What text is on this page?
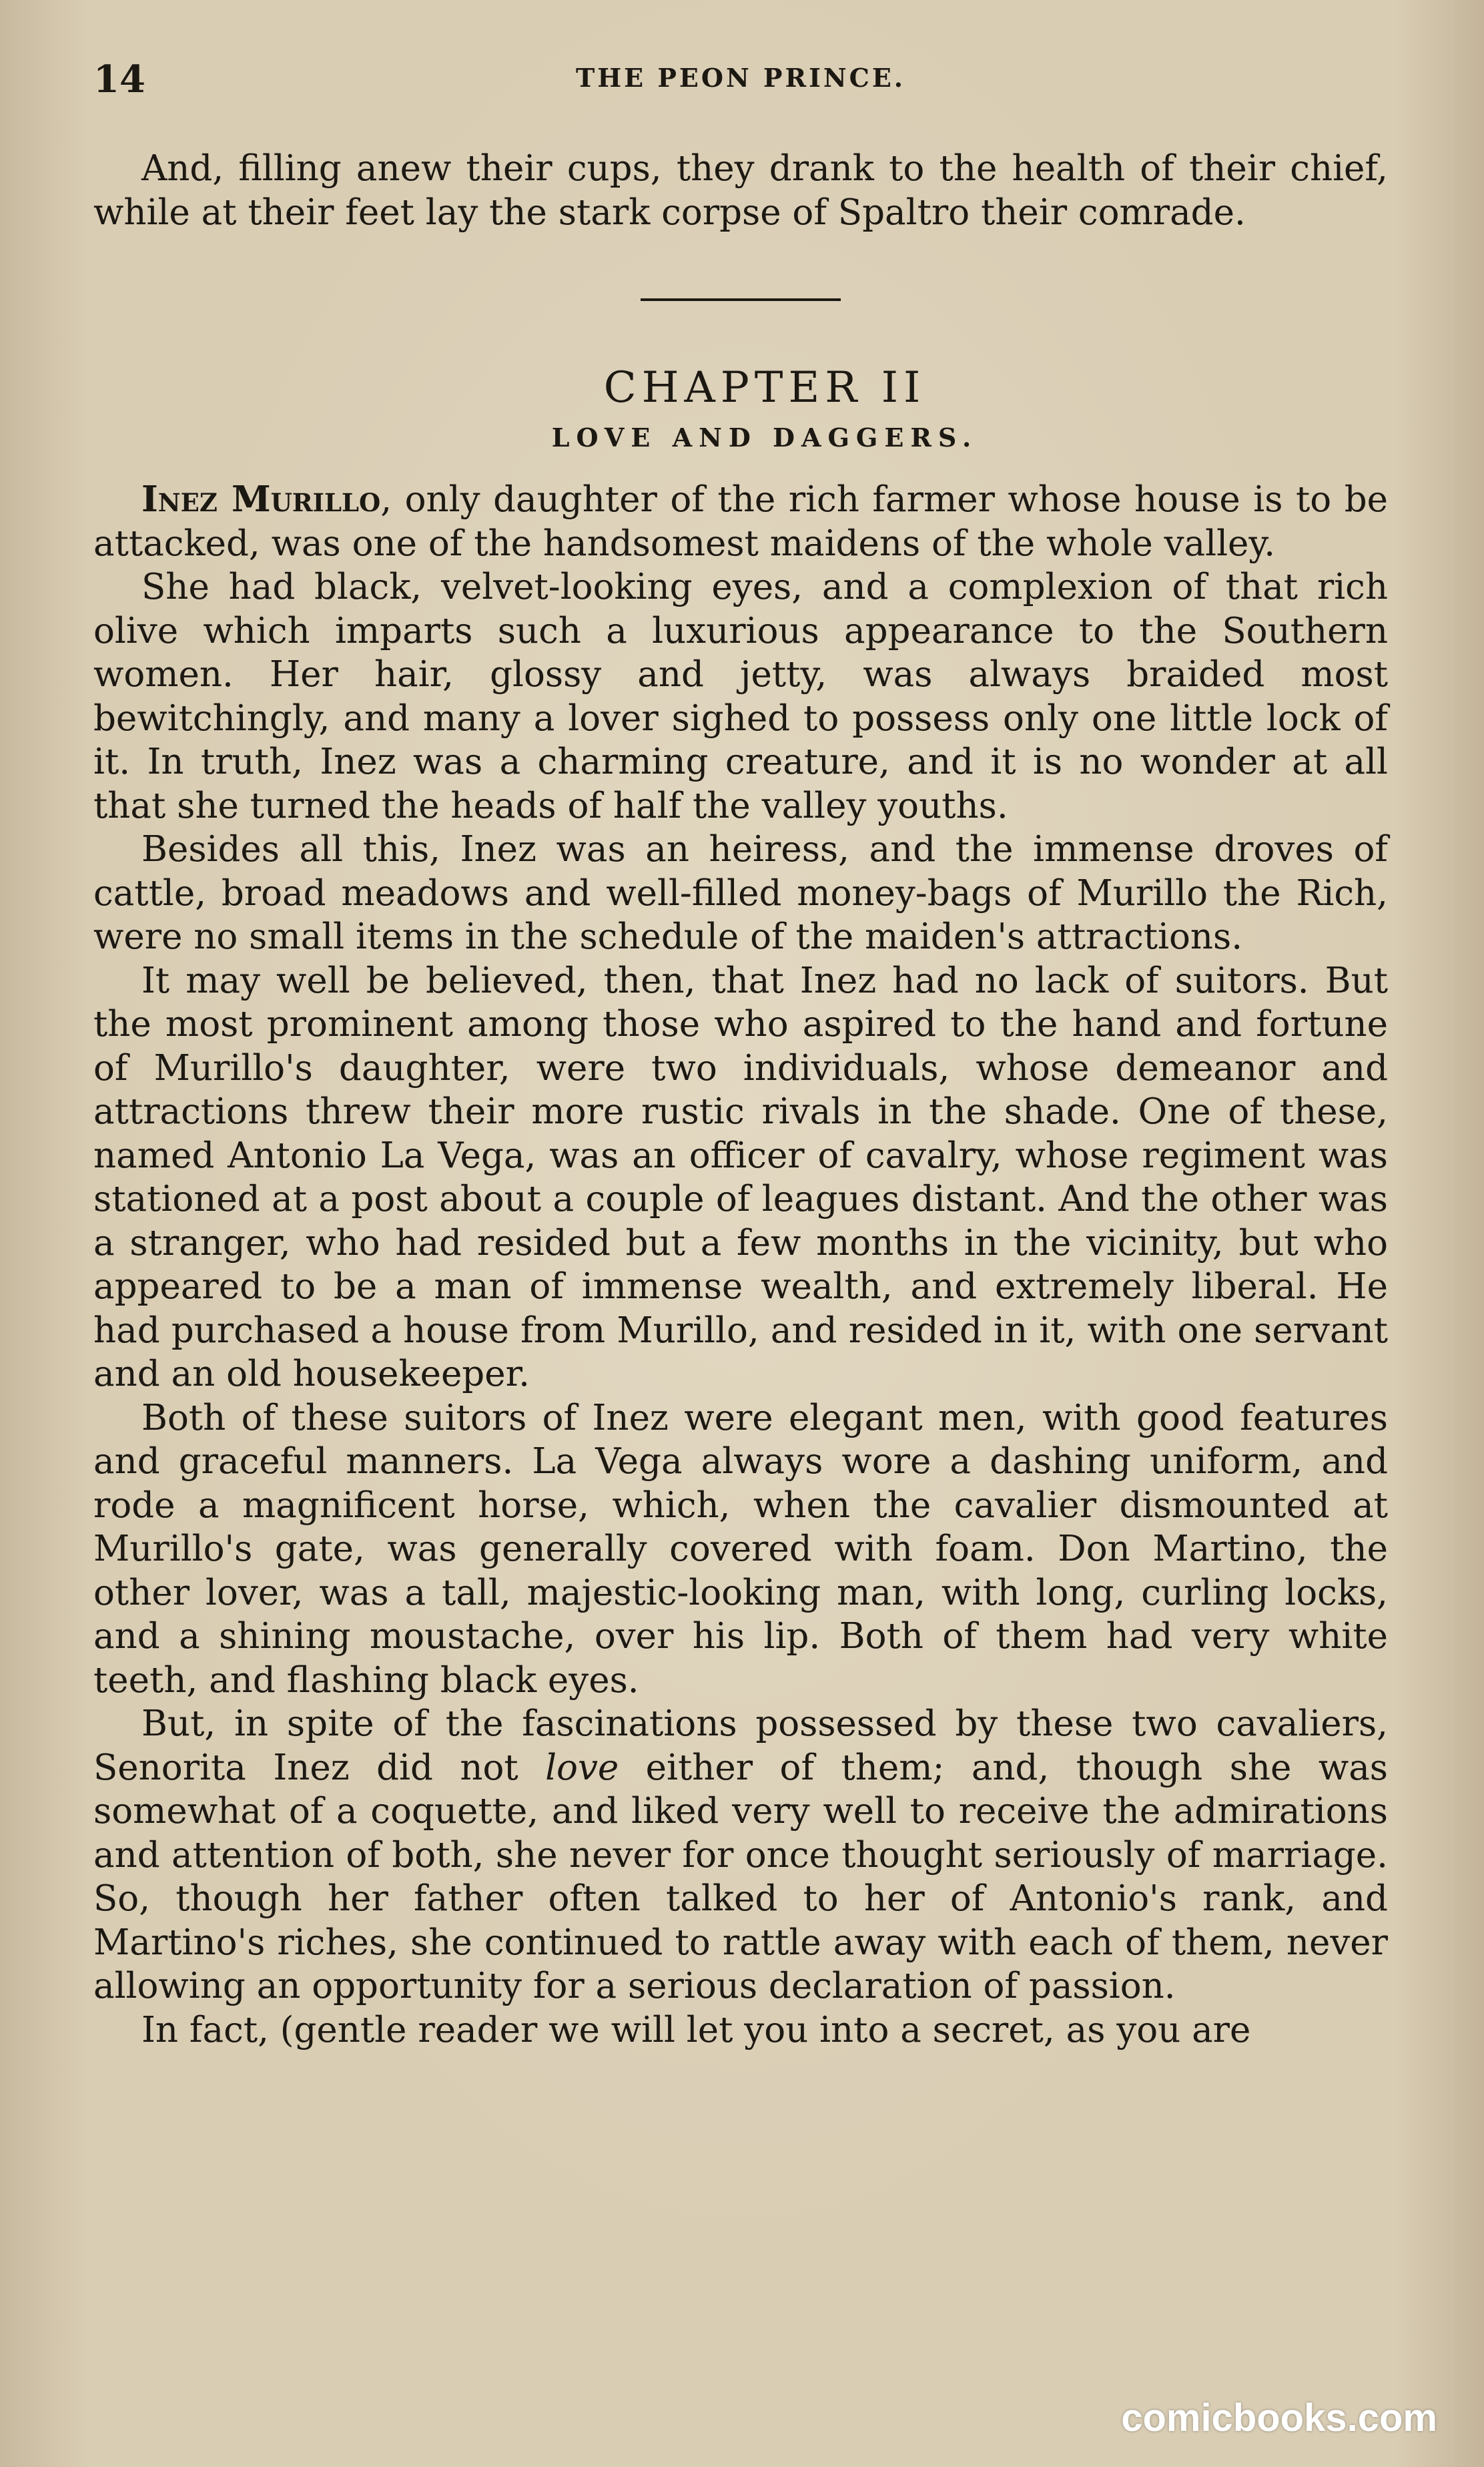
14	THE PEON PRINCE.

And, filling anew their cups, they drank to the health of their chief, while at their feet lay the stark corpse of Spaltro their comrade.

CHAPTER II

LOVE AND DAGGERS.

Inez Murillo, only daughter of the rich farmer whose house is to be attacked, was one of the handsomest maidens of the whole valley.

She had black, velvet-looking eyes, and a complexion of that rich olive which imparts such a luxurious appearance to the Southern women. Her hair, glossy and jetty, was always braided most bewitchingly, and many a lover sighed to possess only one little lock of it. In truth, Inez was a charming creature, and it is no wonder at all that she turned the heads of half the valley youths.

Besides all this, Inez was an heiress, and the immense droves of cattle, broad meadows and well-filled money-bags of Murillo the Rich, were no small items in the schedule of the maiden's attractions.

It may well be believed, then, that Inez had no lack of suitors. But the most prominent among those who aspired to the hand and fortune of Murillo's daughter, were two individuals, whose demeanor and attractions threw their more rustic rivals in the shade. One of these, named Antonio La Vega, was an officer of cavalry, whose regiment was stationed at a post about a couple of leagues distant. And the other was a stranger, who had resided but a few months in the vicinity, but who appeared to be a man of immense wealth, and extremely liberal. He had purchased a house from Murillo, and resided in it, with one servant and an old housekeeper.

Both of these suitors of Inez were elegant men, with good features and graceful manners. La Vega always wore a dashing uniform, and rode a magnificent horse, which, when the cavalier dismounted at Murillo's gate, was generally covered with foam. Don Martino, the other lover, was a tall, majestic-looking man, with long, curling locks, and a shining moustache, over his lip. Both of them had very white teeth, and flashing black eyes.

But, in spite of the fascinations possessed by these two cavaliers, Senorita Inez did not love either of them; and, though she was somewhat of a coquette, and liked very well to receive the admirations and attention of both, she never for once thought seriously of marriage. So, though her father often talked to her of Antonio's rank, and Martino's riches, she continued to rattle away with each of them, never allowing an opportunity for a serious declaration of passion.

In fact, (gentle reader we will let you into a secret, as you are

comicbooks.com
